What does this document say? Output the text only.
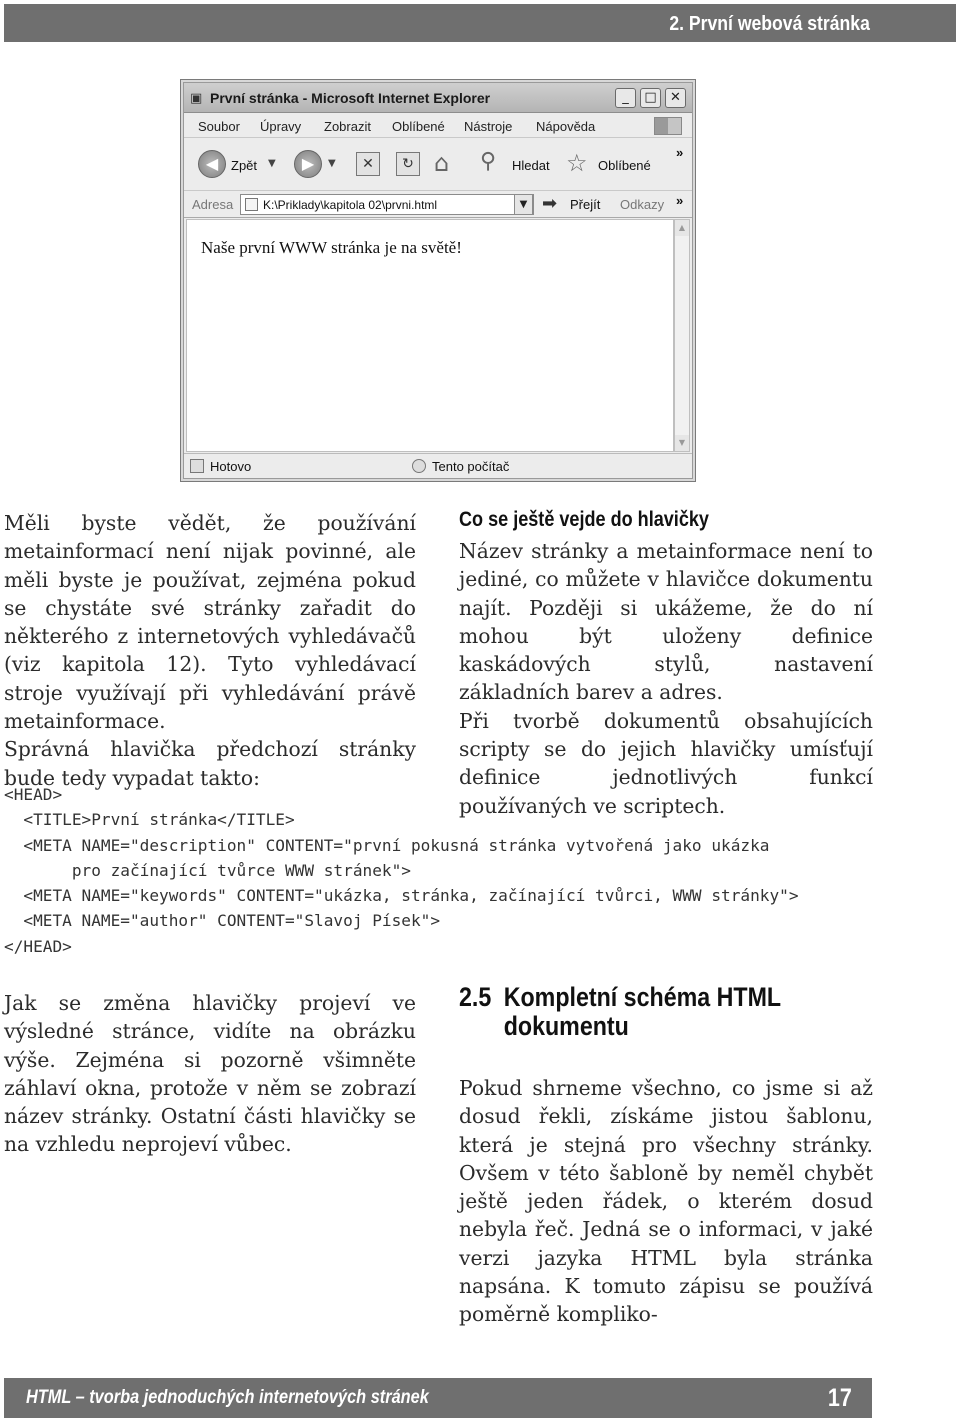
2. První webová stránka
▣ První stránka - Microsoft Internet Explorer	_	□	✕
Soubor Úpravy Zobrazit Oblíbené Nástroje Nápověda
◀ Zpět ▼	▶	▼	✕	↻ ⌂ ⚲ Hledat ☆ Oblíbené
»
Adresa K:\Priklady\kapitola 02\prvni.html	▼ ➡ Přejít Odkazy »
Naše první WWW stránka je na světě!
▲
▼
Hotovo	Tento počítač

Měli byste vědět, že používání metainformací není nijak povinné, ale měli byste je používat, zejména pokud se chystáte své stránky zařadit do některého z internetových vyhledávačů (viz kapitola 12). Tyto vyhledávací stroje využívají při vyhledávání právě metainformace.

Správná hlavička předchozí stránky bude tedy vypadat takto:

Co se ještě vejde do hlavičky

Název stránky a metainformace není to jediné, co můžete v hlavičce dokumentu najít. Později si ukážeme, že do ní mohou být uloženy definice kaskádových stylů, nastavení základních barev a adres.

Při tvorbě dokumentů obsahujících scripty se do jejich hlavičky umísťují definice jednotlivých funkcí používaných ve scriptech.

<HEAD>
<TITLE>První stránka</TITLE>
<META NAME="description" CONTENT="první pokusná stránka vytvořená jako ukázka
pro začínající tvůrce WWW stránek">
<META NAME="keywords" CONTENT="ukázka, stránka, začínající tvůrci, WWW stránky">
<META NAME="author" CONTENT="Slavoj Písek">
</HEAD>

Jak se změna hlavičky projeví ve výsledné stránce, vidíte na obrázku výše. Zejména si pozorně všimněte záhlaví okna, protože v něm se zobrazí název stránky. Ostatní části hlavičky se na vzhledu neprojeví vůbec.

2.5 Kompletní schéma HTML
dokumentu

Pokud shrneme všechno, co jsme si až dosud řekli, získáme jistou šablonu, která je stejná pro všechny stránky. Ovšem v této šabloně by neměl chybět ještě jeden řádek, o kterém dosud nebyla řeč. Jedná se o informaci, v jaké verzi jazyka HTML byla stránka napsána. K tomuto zápisu se používá poměrně kompliko-

HTML – tvorba jednoduchých internetových stránek	17
